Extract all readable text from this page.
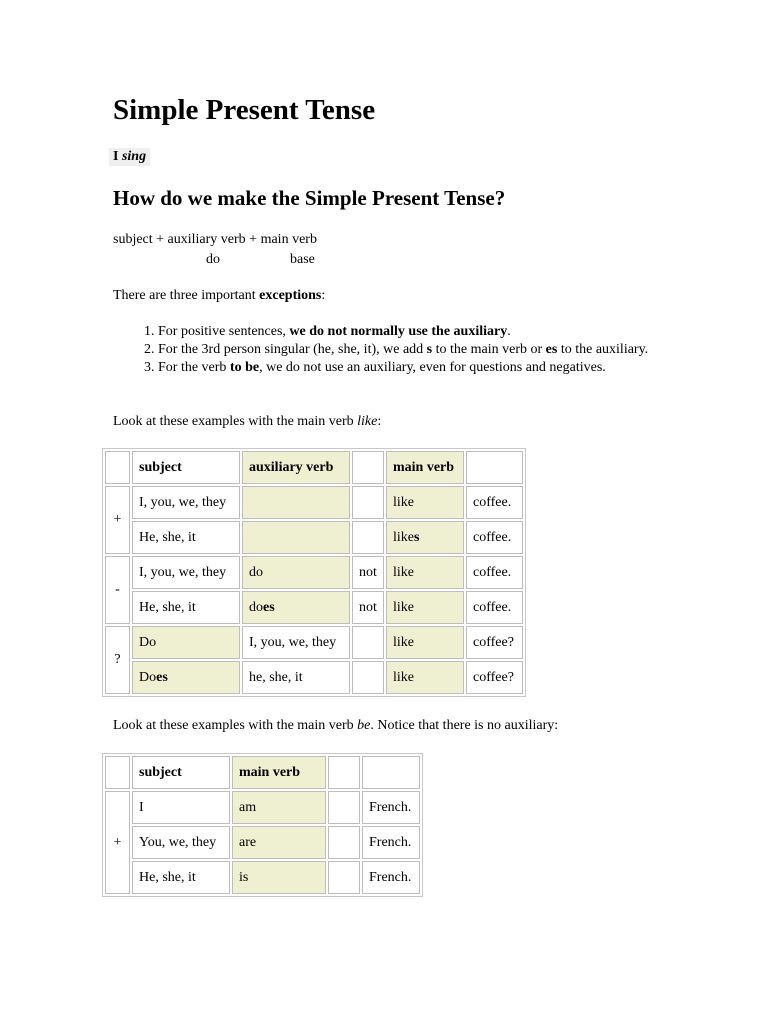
Simple Present Tense
I sing
How do we make the Simple Present Tense?
subject + auxiliary verb + main verb
do	base
There are three important exceptions:
1. For positive sentences, we do not normally use the auxiliary.
2. For the 3rd person singular (he, she, it), we add s to the main verb or es to the auxiliary.
3. For the verb to be, we do not use an auxiliary, even for questions and negatives.
Look at these examples with the main verb like:
	subject	auxiliary verb		main verb	
+	I, you, we, they			like	coffee.
	He, she, it			likes	coffee.
-	I, you, we, they	do	not	like	coffee.
	He, she, it	does	not	like	coffee.
?	Do	I, you, we, they		like	coffee?
	Does	he, she, it		like	coffee?
Look at these examples with the main verb be. Notice that there is no auxiliary:
	subject	main verb		
+	I	am		French.
	You, we, they	are		French.
	He, she, it	is		French.
